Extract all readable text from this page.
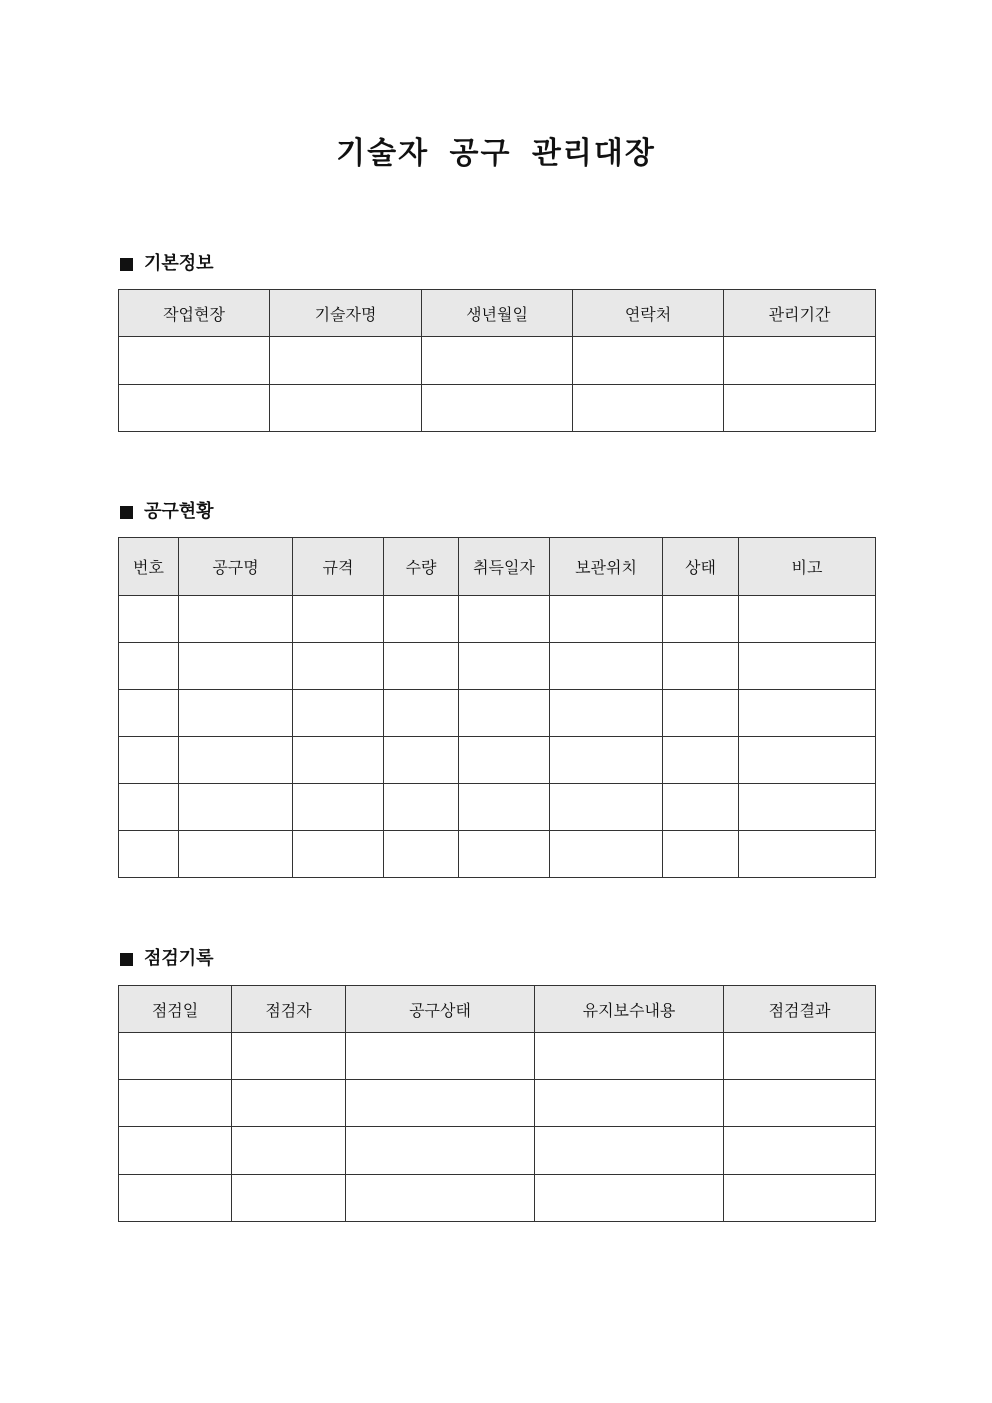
기술자 공구 관리대장
기본정보
작업현장	기술자명	생년월일	연락처	관리기간

공구현황
번호	공구명	규격	수량	취득일자	보관위치	상태	비고

점검기록
점검일	점검자	공구상태	유지보수내용	점검결과
